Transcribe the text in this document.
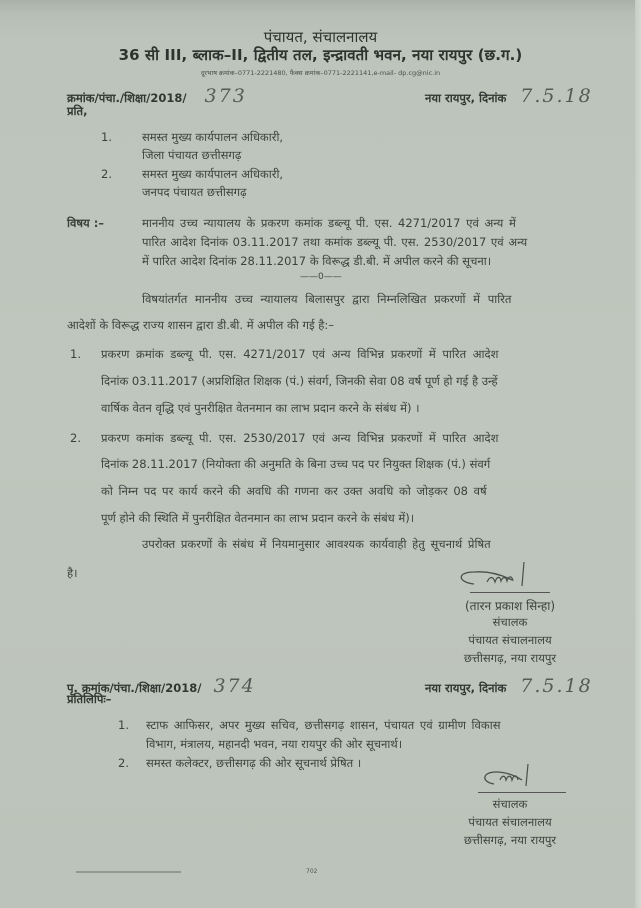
पंचायत, संचालनालय
36 सी III, ब्लाक–II, द्वितीय तल, इन्द्रावती भवन, नया रायपुर (छ.ग.)
दूरभाष क्रमांक–0771-2221480, फैक्स क्रमांक–0771-2221141,e-mail- dp.cg@nic.in
क्रमांक/पंचा./शिक्षा/2018/ 373	नया रायपुर, दिनांक 7.5.18
प्रति,
1.	समस्त मुख्य कार्यपालन अधिकारी,
जिला पंचायत छत्तीसगढ़
2.	समस्त मुख्य कार्यपालन अधिकारी,
जनपद पंचायत छत्तीसगढ़
विषय :–	माननीय उच्च न्यायालय के प्रकरण कमांक डब्ल्यू पी. एस. 4271/2017 एवं अन्य में
पारित आदेश दिनांक 03.11.2017 तथा कमांक डब्ल्यू पी. एस. 2530/2017 एवं अन्य
में पारित आदेश दिनांक 28.11.2017 के विरूद्ध डी.बी. में अपील करने की सूचना।
——0——
विषयांतर्गत माननीय उच्च न्यायालय बिलासपुर द्वारा निम्नलिखित प्रकरणों में पारित
आदेशों के विरूद्ध राज्य शासन द्वारा डी.बी. में अपील की गई है:–
1. प्रकरण क्रमांक डब्ल्यू पी. एस. 4271/2017 एवं अन्य विभिन्न प्रकरणों में पारित आदेश
दिनांक 03.11.2017 (अप्रशिक्षित शिक्षक (पं.) संवर्ग, जिनकी सेवा 08 वर्ष पूर्ण हो गई है उन्हें
वार्षिक वेतन वृद्धि एवं पुनरीक्षित वेतनमान का लाभ प्रदान करने के संबंध में) ।
2. प्रकरण कमांक डब्ल्यू पी. एस. 2530/2017 एवं अन्य विभिन्न प्रकरणों में पारित आदेश
दिनांक 28.11.2017 (नियोक्ता की अनुमति के बिना उच्च पद पर नियुक्त शिक्षक (पं.) संवर्ग
को निम्न पद पर कार्य करने की अवधि की गणना कर उक्त अवधि को जोड़कर 08 वर्ष
पूर्ण होने की स्थिति में पुनरीक्षित वेतनमान का लाभ प्रदान करने के संबंध में)।
उपरोक्त प्रकरणों के संबंध में नियमानुसार आवश्यक कार्यवाही हेतु सूचनार्थ प्रेषित
है।
(तारन प्रकाश सिन्हा)
संचालक
पंचायत संचालनालय
छत्तीसगढ़, नया रायपुर
पृ. क्रमांक/पंचा./शिक्षा/2018/ 374	नया रायपुर, दिनांक 7.5.18
प्रतिलिपिः–
1. स्टाफ आफिसर, अपर मुख्य सचिव, छत्तीसगढ़ शासन, पंचायत एवं ग्रामीण विकास
विभाग, मंत्रालय, महानदी भवन, नया रायपुर की ओर सूचनार्थ।
2. समस्त कलेक्टर, छत्तीसगढ़ की ओर सूचनार्थ प्रेषित ।
संचालक
पंचायत संचालनालय
छत्तीसगढ़, नया रायपुर
702
